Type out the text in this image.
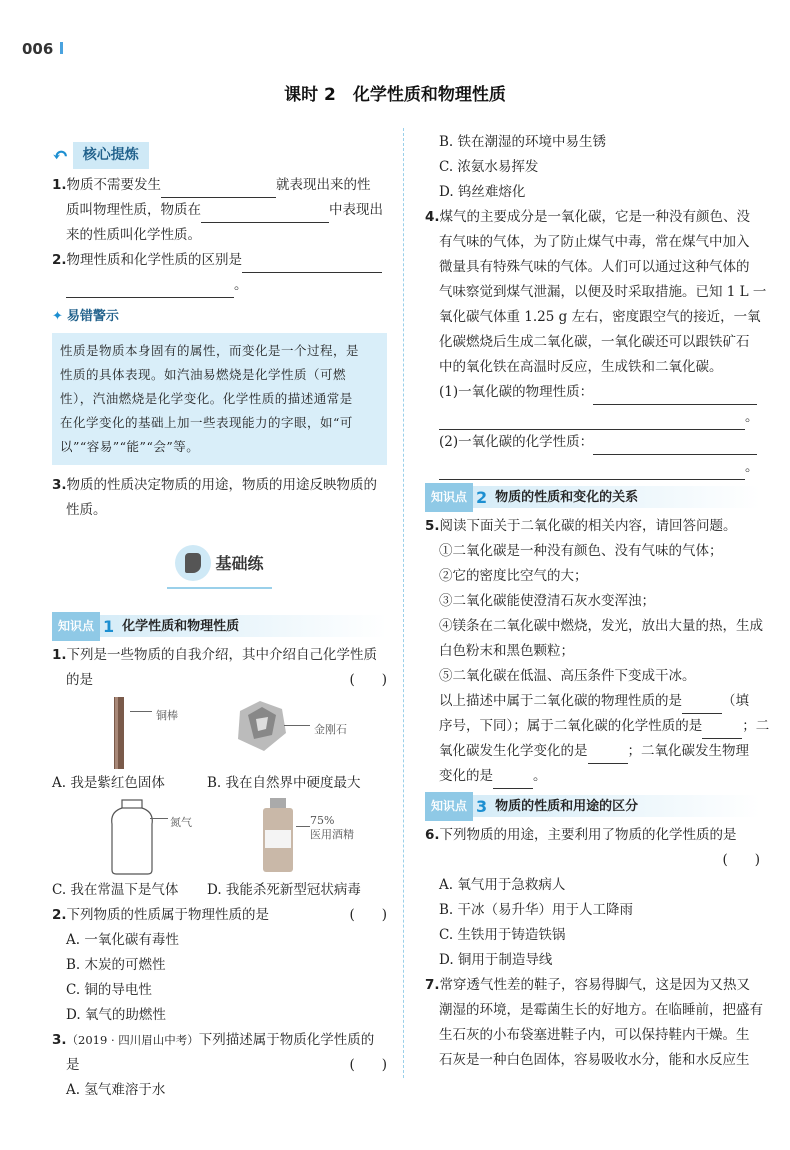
006
课时 2　化学性质和物理性质
↶	核心提炼
1.物质不需要发生	就表现出来的性
质叫物理性质，物质在	中表现出
来的性质叫化学性质。
2.物理性质和化学性质的区别是
。
✦ 易错警示
性质是物质本身固有的属性，而变化是一个过程，是
性质的具体表现。如汽油易燃烧是化学性质（可燃
性），汽油燃烧是化学变化。化学性质的描述通常是
在化学变化的基础上加一些表现能力的字眼，如“可
以”“容易”“能”“会”等。
3.物质的性质决定物质的用途，物质的用途反映物质的
性质。
基础练
知识点 1 化学性质和物理性质
1.下列是一些物质的自我介绍，其中介绍自己化学性质
的是	(　　)
铜棒
金刚石
A. 我是紫红色固体	B. 我在自然界中硬度最大
氮气	75%
医用酒精
C. 我在常温下是气体 D. 我能杀死新型冠状病毒
2.下列物质的性质属于物理性质的是	(　　)
A. 一氧化碳有毒性
B. 木炭的可燃性
C. 铜的导电性
D. 氧气的助燃性
3.（2019 · 四川眉山中考）下列描述属于物质化学性质的
是	(　　)
A. 氢气难溶于水
B. 铁在潮湿的环境中易生锈
C. 浓氨水易挥发
D. 钨丝难熔化
4.煤气的主要成分是一氧化碳，它是一种没有颜色、没
有气味的气体，为了防止煤气中毒，常在煤气中加入
微量具有特殊气味的气体。人们可以通过这种气体的
气味察觉到煤气泄漏，以便及时采取措施。已知 1 L 一
氧化碳气体重 1.25 g 左右，密度跟空气的接近，一氧
化碳燃烧后生成二氧化碳，一氧化碳还可以跟铁矿石
中的氧化铁在高温时反应，生成铁和二氧化碳。
(1)一氧化碳的物理性质：
。
(2)一氧化碳的化学性质：
。
知识点 2 物质的性质和变化的关系
5.阅读下面关于二氧化碳的相关内容，请回答问题。
①二氧化碳是一种没有颜色、没有气味的气体；
②它的密度比空气的大；
③二氧化碳能使澄清石灰水变浑浊；
④镁条在二氧化碳中燃烧，发光，放出大量的热，生成
白色粉末和黑色颗粒；
⑤二氧化碳在低温、高压条件下变成干冰。
以上描述中属于二氧化碳的物理性质的是	（填
序号，下同）；属于二氧化碳的化学性质的是	；二
氧化碳发生化学变化的是	；二氧化碳发生物理
变化的是	。
知识点 3 物质的性质和用途的区分
6.下列物质的用途，主要利用了物质的化学性质的是
(　　)
A. 氧气用于急救病人
B. 干冰（易升华）用于人工降雨
C. 生铁用于铸造铁锅
D. 铜用于制造导线
7.常穿透气性差的鞋子，容易得脚气，这是因为又热又
潮湿的环境，是霉菌生长的好地方。在临睡前，把盛有
生石灰的小布袋塞进鞋子内，可以保持鞋内干燥。生
石灰是一种白色固体，容易吸收水分，能和水反应生
